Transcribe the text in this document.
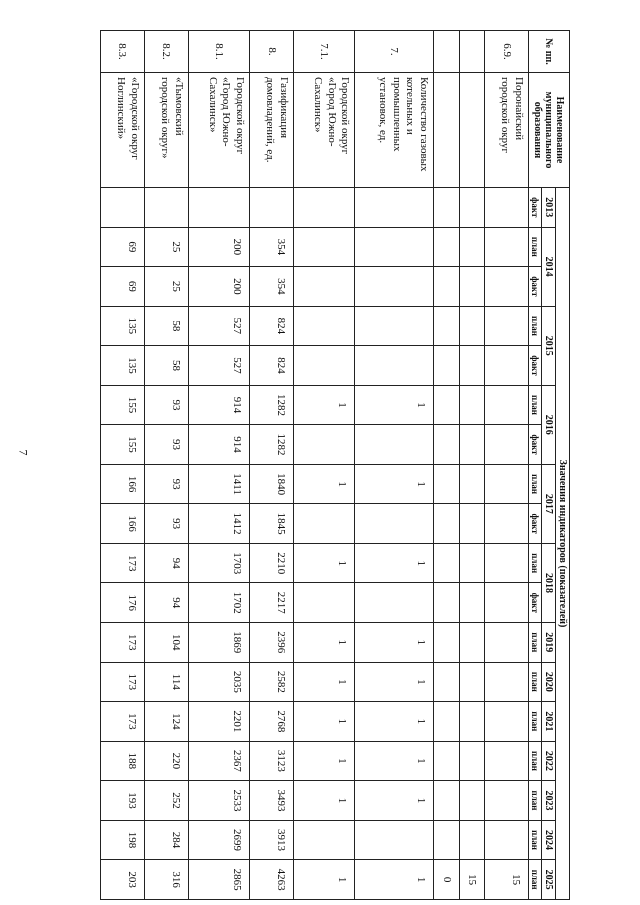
7
№ пп.	Наименование муниципального образования	Значения индикаторов (показателей)																	
		2013	2014		2015		2016		2017		2018		2019	2020	2021	2022	2023	2024	2025
		факт	план	факт	план	факт	план	факт	план	факт	план	факт	план	план	план	план	план	план	план
6.9.	Поронайский городской округ																		15
																			15
																			0
7.	Количество газовых котельных и промышленных установок, ед.						1		1		1		1	1	1	1	1		1
7.1.	Городской округ «Город Южно-Сахалинск»						1		1		1		1	1	1	1	1		1
8.	Газификация домовладений, ед.		354	354	824	824	1282	1282	1840	1845	2210	2217	2396	2582	2768	3123	3493	3913	4263
8.1.	Городской округ «Город Южно-Сахалинск»		200	200	527	527	914	914	1411	1412	1703	1702	1869	2035	2201	2367	2533	2699	2865
8.2.	«Тымовский городской округ»		25	25	58	58	93	93	93	93	94	94	104	114	124	220	252	284	316
8.3.	«Городской округ Ноглинский»		69	69	135	135	155	155	166	166	173	176	173	173	173	188	193	198	203
